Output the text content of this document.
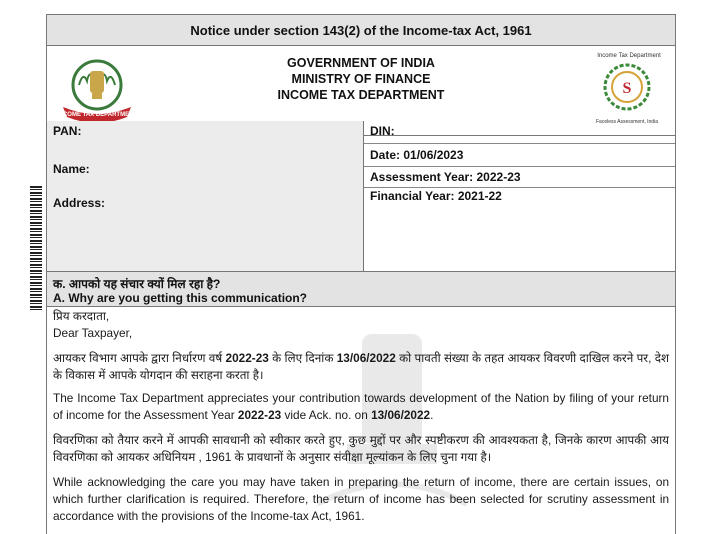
Notice under section 143(2) of the Income-tax Act, 1961
INCOME TAX DEPARTMENT
GOVERNMENT OF INDIA
MINISTRY OF FINANCE
INCOME TAX DEPARTMENT
Income Tax Department
S
Faceless Assessment, India
PAN:
Name:
Address:
DIN:
Date: 01/06/2023
Assessment Year: 2022-23
Financial Year: 2021-22
क. आपको यह संचार क्यों मिल रहा है?
A. Why are you getting this communication?
प्रिय करदाता,
Dear Taxpayer,
आयकर विभाग आपके द्वारा निर्धारण वर्ष 2022-23 के लिए दिनांक 13/06/2022 को पावती संख्या के तहत आयकर विवरणी दाखिल करने पर, देश के विकास में आपके योगदान की सराहना करता है।
The Income Tax Department appreciates your contribution towards development of the Nation by filing of your return of income for the Assessment Year 2022-23 vide Ack. no. on 13/06/2022.
विवरणिका को तैयार करने में आपकी सावधानी को स्वीकार करते हुए, कुछ मुद्दों पर और स्पष्टीकरण की आवश्यकता है, जिनके कारण आपकी आय विवरणिका को आयकर अधिनियम , 1961 के प्रावधानों के अनुसार संवीक्षा मूल्यांकन के लिए चुना गया है।
While acknowledging the care you may have taken in preparing the return of income, there are certain issues, on which further clarification is required. Therefore, the return of income has been selected for scrutiny assessment in accordance with the provisions of the Income-tax Act, 1961.
